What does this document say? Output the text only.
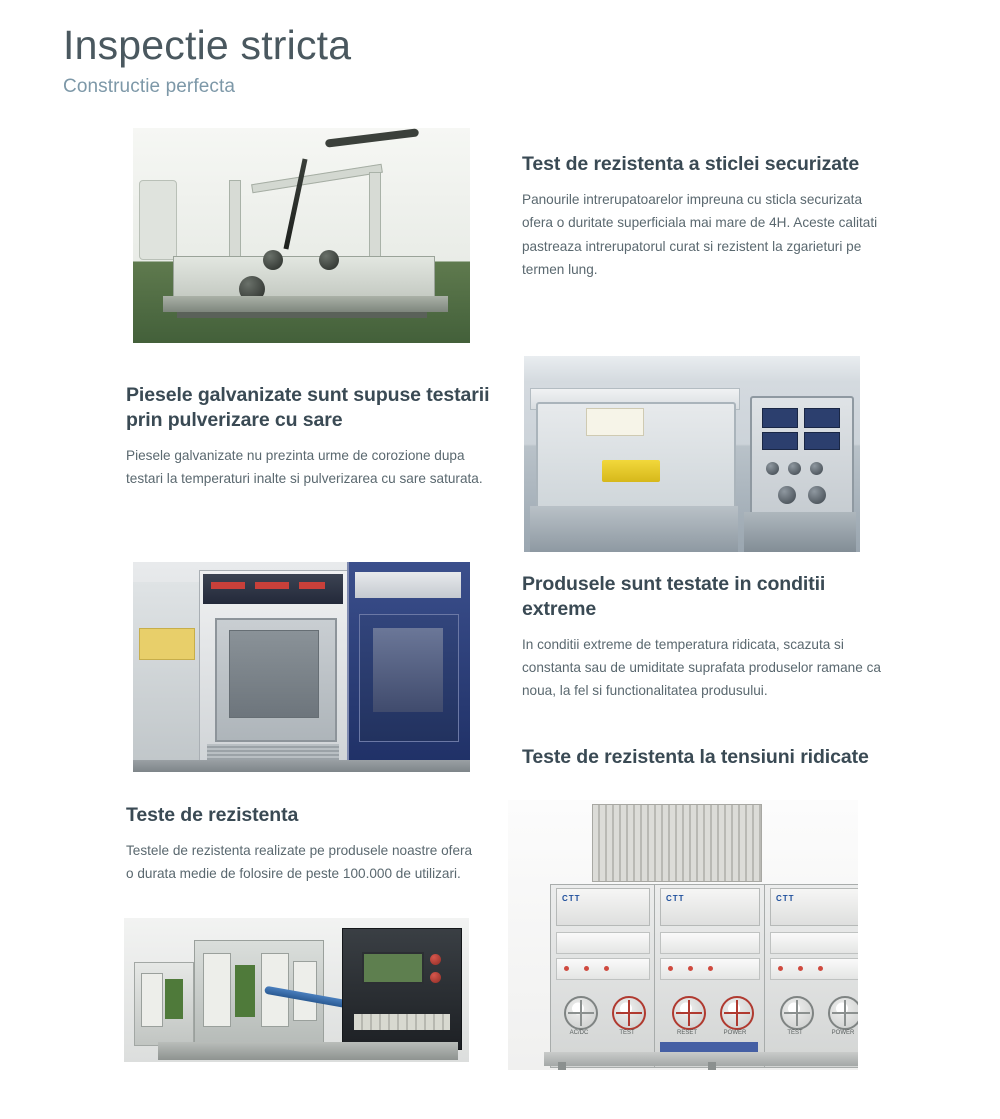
Inspectie stricta
Constructie perfecta
Test de rezistenta a sticlei securizate
Panourile intrerupatoarelor impreuna cu sticla securizata ofera o duritate superficiala mai mare de 4H. Aceste calitati pastreaza intrerupatorul curat si rezistent la zgarieturi pe termen lung.
Piesele galvanizate sunt supuse testarii prin pulverizare cu sare
Piesele galvanizate nu prezinta urme de corozione dupa testari la temperaturi inalte si pulverizarea cu sare saturata.
Produsele sunt testate in conditii extreme
In conditii extreme de temperatura ridicata, scazuta si constanta sau de umiditate suprafata produselor ramane ca noua, la fel si functionalitatea produsului.
Teste de rezistenta
Testele de rezistenta realizate pe produsele noastre ofera o durata medie de folosire de peste 100.000 de utilizari.
Teste de rezistenta la tensiuni ridicate
CTT	CTT	CTT
AC/DC	TEST	RESET	POWER	TEST	POWER
